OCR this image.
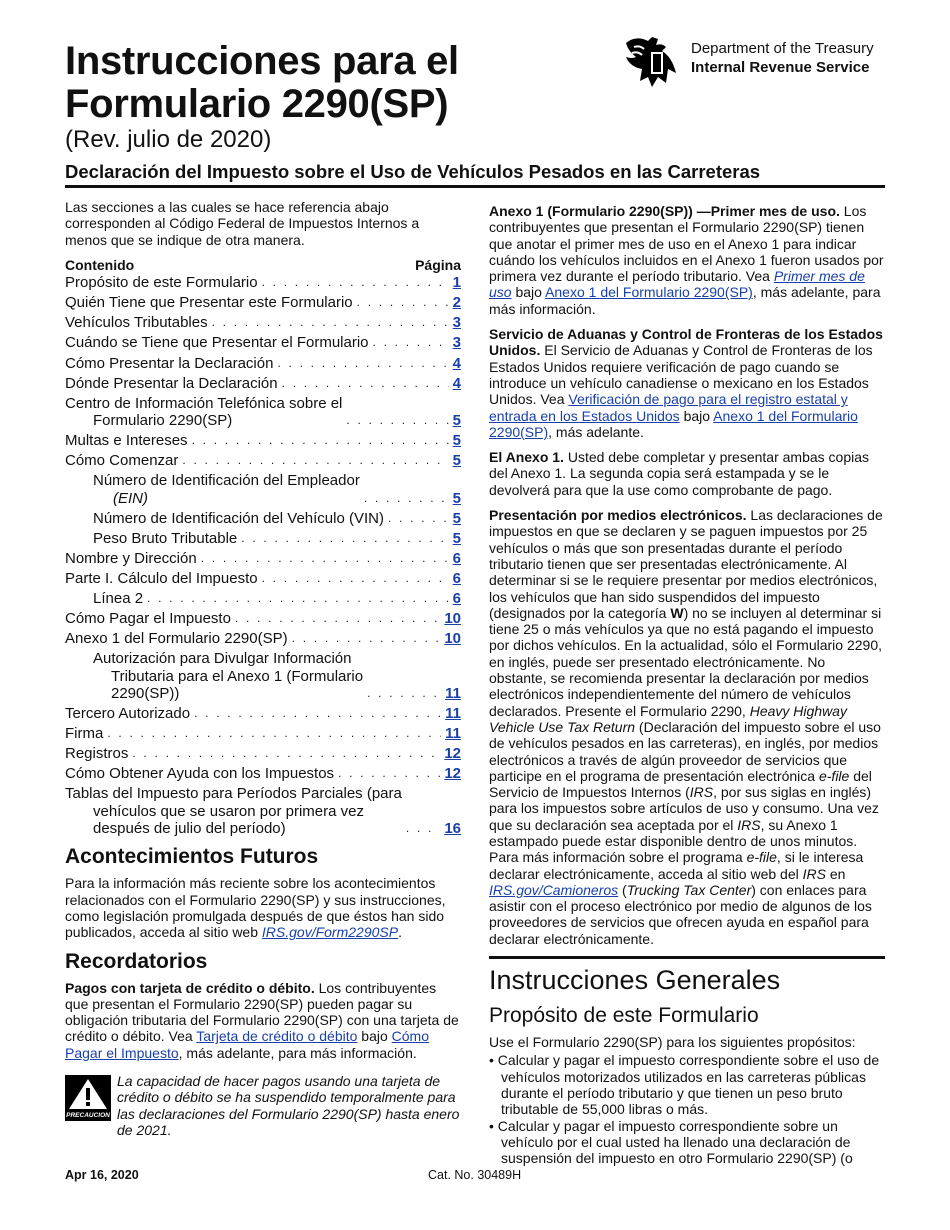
Instrucciones para el Formulario 2290(SP)
(Rev. julio de 2020)
Declaración del Impuesto sobre el Uso de Vehículos Pesados en las Carreteras
Department of the Treasury
Internal Revenue Service

Las secciones a las cuales se hace referencia abajo corresponden al Código Federal de Impuestos Internos a menos que se indique de otra manera.

Contenido	Página
Propósito de este Formulario . . .	1
Quién Tiene que Presentar este Formulario . . .	2
Vehículos Tributables . . .	3
Cuándo se Tiene que Presentar el Formulario . . .	3
Cómo Presentar la Declaración . . .	4
Dónde Presentar la Declaración . . .	4
Centro de Información Telefónica sobre el
Formulario 2290(SP) . . .	5
Multas e Intereses . . .	5
Cómo Comenzar . . .	5
Número de Identificación del Empleador
(EIN) . . .	5
Número de Identificación del Vehículo (VIN) . . .	5
Peso Bruto Tributable . . .	5
Nombre y Dirección . . .	6
Parte I. Cálculo del Impuesto . . .	6
Línea 2 . . .	6
Cómo Pagar el Impuesto . . .	10
Anexo 1 del Formulario 2290(SP) . . .	10
Autorización para Divulgar Información
Tributaria para el Anexo 1 (Formulario
2290(SP)) . . .	11
Tercero Autorizado . . .	11
Firma . . .	11
Registros . . .	12
Cómo Obtener Ayuda con los Impuestos . . .	12
Tablas del Impuesto para Períodos Parciales (para
vehículos que se usaron por primera vez
después de julio del período) . . .	16
Acontecimientos Futuros

Para la información más reciente sobre los acontecimientos relacionados con el Formulario 2290(SP) y sus instrucciones, como legislación promulgada después de que éstos han sido publicados, acceda al sitio web IRS.gov/Form2290SP.

Recordatorios

Pagos con tarjeta de crédito o débito. Los contribuyentes que presentan el Formulario 2290(SP) pueden pagar su obligación tributaria del Formulario 2290(SP) con una tarjeta de crédito o débito. Vea Tarjeta de crédito o débito bajo Cómo Pagar el Impuesto, más adelante, para más información.

PRECAUCION
La capacidad de hacer pagos usando una tarjeta de crédito o débito se ha suspendido temporalmente para las declaraciones del Formulario 2290(SP) hasta enero de 2021.

Anexo 1 (Formulario 2290(SP)) —Primer mes de uso. Los contribuyentes que presentan el Formulario 2290(SP) tienen que anotar el primer mes de uso en el Anexo 1 para indicar cuándo los vehículos incluidos en el Anexo 1 fueron usados por primera vez durante el período tributario. Vea Primer mes de uso bajo Anexo 1 del Formulario 2290(SP), más adelante, para más información.

Servicio de Aduanas y Control de Fronteras de los Estados Unidos. El Servicio de Aduanas y Control de Fronteras de los Estados Unidos requiere verificación de pago cuando se introduce un vehículo canadiense o mexicano en los Estados Unidos. Vea Verificación de pago para el registro estatal y entrada en los Estados Unidos bajo Anexo 1 del Formulario 2290(SP), más adelante.

El Anexo 1. Usted debe completar y presentar ambas copias del Anexo 1. La segunda copia será estampada y se le devolverá para que la use como comprobante de pago.

Presentación por medios electrónicos. Las declaraciones de impuestos en que se declaren y se paguen impuestos por 25 vehículos o más que son presentadas durante el período tributario tienen que ser presentadas electrónicamente. Al determinar si se le requiere presentar por medios electrónicos, los vehículos que han sido suspendidos del impuesto (designados por la categoría W) no se incluyen al determinar si tiene 25 o más vehículos ya que no está pagando el impuesto por dichos vehículos. En la actualidad, sólo el Formulario 2290, en inglés, puede ser presentado electrónicamente. No obstante, se recomienda presentar la declaración por medios electrónicos independientemente del número de vehículos declarados. Presente el Formulario 2290, Heavy Highway Vehicle Use Tax Return (Declaración del impuesto sobre el uso de vehículos pesados en las carreteras), en inglés, por medios electrónicos a través de algún proveedor de servicios que participe en el programa de presentación electrónica e-file del Servicio de Impuestos Internos (IRS, por sus siglas en inglés) para los impuestos sobre artículos de uso y consumo. Una vez que su declaración sea aceptada por el IRS, su Anexo 1 estampado puede estar disponible dentro de unos minutos. Para más información sobre el programa e-file, si le interesa declarar electrónicamente, acceda al sitio web del IRS en IRS.gov/Camioneros (Trucking Tax Center) con enlaces para asistir con el proceso electrónico por medio de algunos de los proveedores de servicios que ofrecen ayuda en español para declarar electrónicamente.

Instrucciones Generales
Propósito de este Formulario

Use el Formulario 2290(SP) para los siguientes propósitos:

• Calcular y pagar el impuesto correspondiente sobre el uso de vehículos motorizados utilizados en las carreteras públicas durante el período tributario y que tienen un peso bruto tributable de 55,000 libras o más.

• Calcular y pagar el impuesto correspondiente sobre un vehículo por el cual usted ha llenado una declaración de suspensión del impuesto en otro Formulario 2290(SP) (o

Apr 16, 2020	Cat. No. 30489H
